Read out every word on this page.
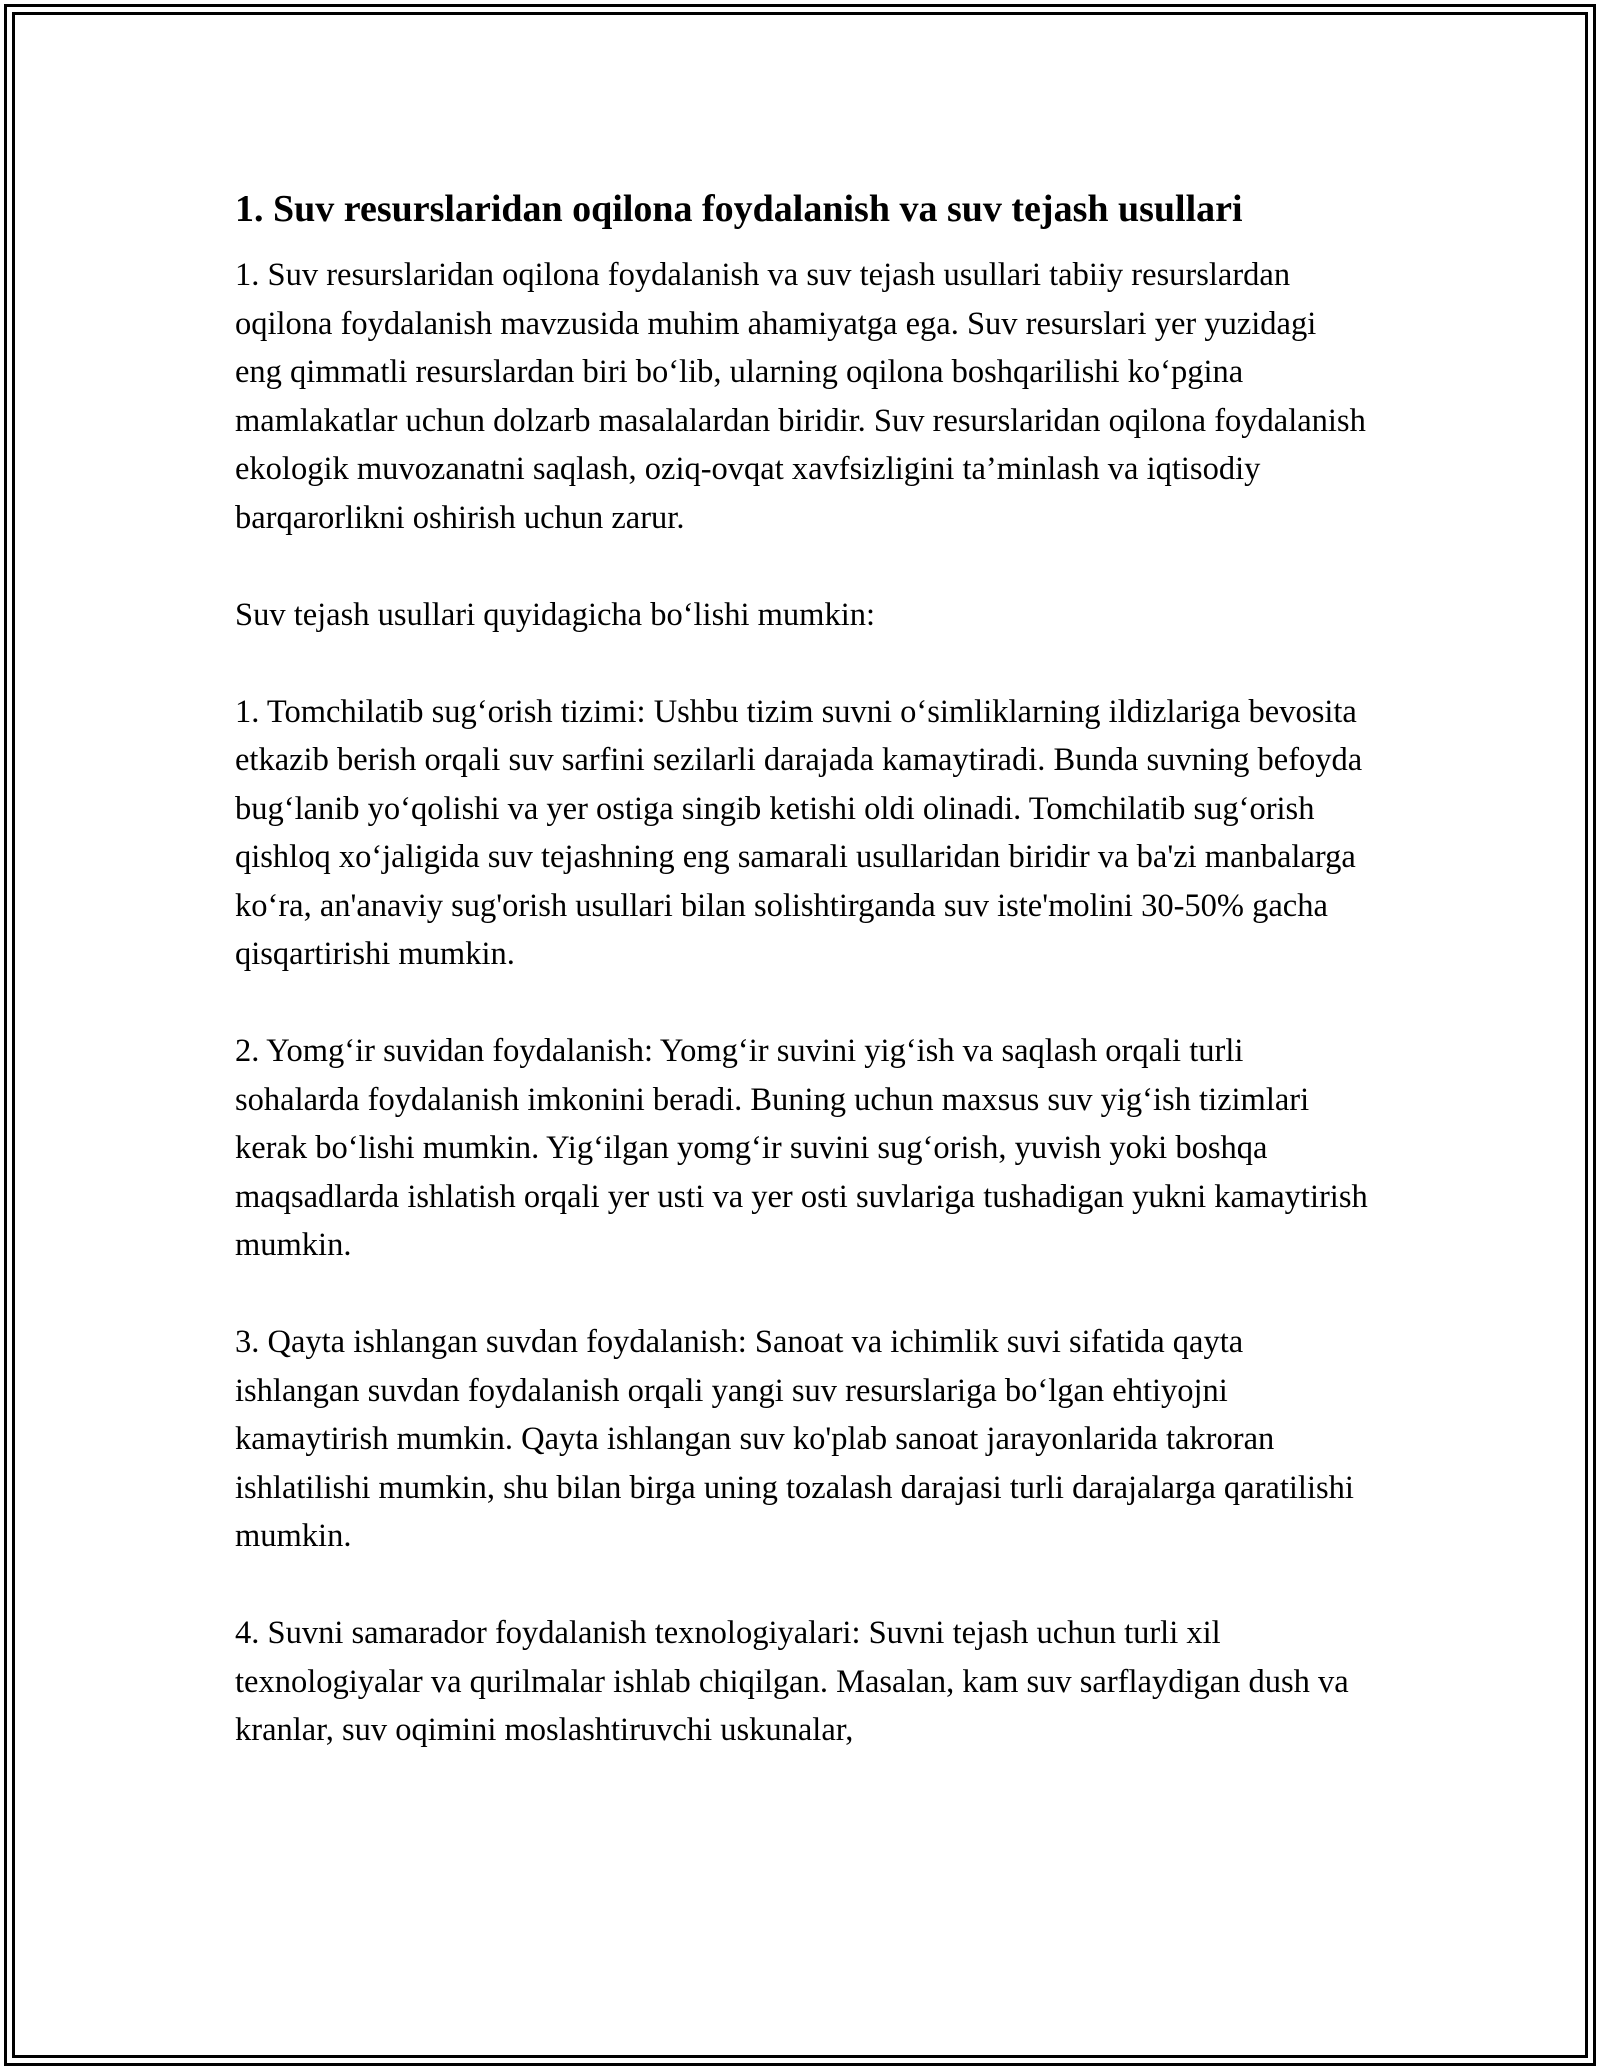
1. Suv resurslaridan oqilona foydalanish va suv tejash usullari

1. Suv resurslaridan oqilona foydalanish va suv tejash usullari tabiiy resurslardan oqilona foydalanish mavzusida muhim ahamiyatga ega. Suv resurslari yer yuzidagi eng qimmatli resurslardan biri bo‘lib, ularning oqilona boshqarilishi ko‘pgina mamlakatlar uchun dolzarb masalalardan biridir. Suv resurslaridan oqilona foydalanish ekologik muvozanatni saqlash, oziq-ovqat xavfsizligini ta’minlash va iqtisodiy barqarorlikni oshirish uchun zarur.

Suv tejash usullari quyidagicha bo‘lishi mumkin:

1. Tomchilatib sug‘orish tizimi: Ushbu tizim suvni o‘simliklarning ildizlariga bevosita etkazib berish orqali suv sarfini sezilarli darajada kamaytiradi. Bunda suvning befoyda bug‘lanib yo‘qolishi va yer ostiga singib ketishi oldi olinadi. Tomchilatib sug‘orish qishloq xo‘jaligida suv tejashning eng samarali usullaridan biridir va ba'zi manbalarga ko‘ra, an'anaviy sug'orish usullari bilan solishtirganda suv iste'molini 30-50% gacha qisqartirishi mumkin.

2. Yomg‘ir suvidan foydalanish: Yomg‘ir suvini yig‘ish va saqlash orqali turli sohalarda foydalanish imkonini beradi. Buning uchun maxsus suv yig‘ish tizimlari kerak bo‘lishi mumkin. Yig‘ilgan yomg‘ir suvini sug‘orish, yuvish yoki boshqa maqsadlarda ishlatish orqali yer usti va yer osti suvlariga tushadigan yukni kamaytirish mumkin.

3. Qayta ishlangan suvdan foydalanish: Sanoat va ichimlik suvi sifatida qayta ishlangan suvdan foydalanish orqali yangi suv resurslariga bo‘lgan ehtiyojni kamaytirish mumkin. Qayta ishlangan suv ko'plab sanoat jarayonlarida takroran ishlatilishi mumkin, shu bilan birga uning tozalash darajasi turli darajalarga qaratilishi mumkin.

4. Suvni samarador foydalanish texnologiyalari: Suvni tejash uchun turli xil texnologiyalar va qurilmalar ishlab chiqilgan. Masalan, kam suv sarflaydigan dush va kranlar, suv oqimini moslashtiruvchi uskunalar,
